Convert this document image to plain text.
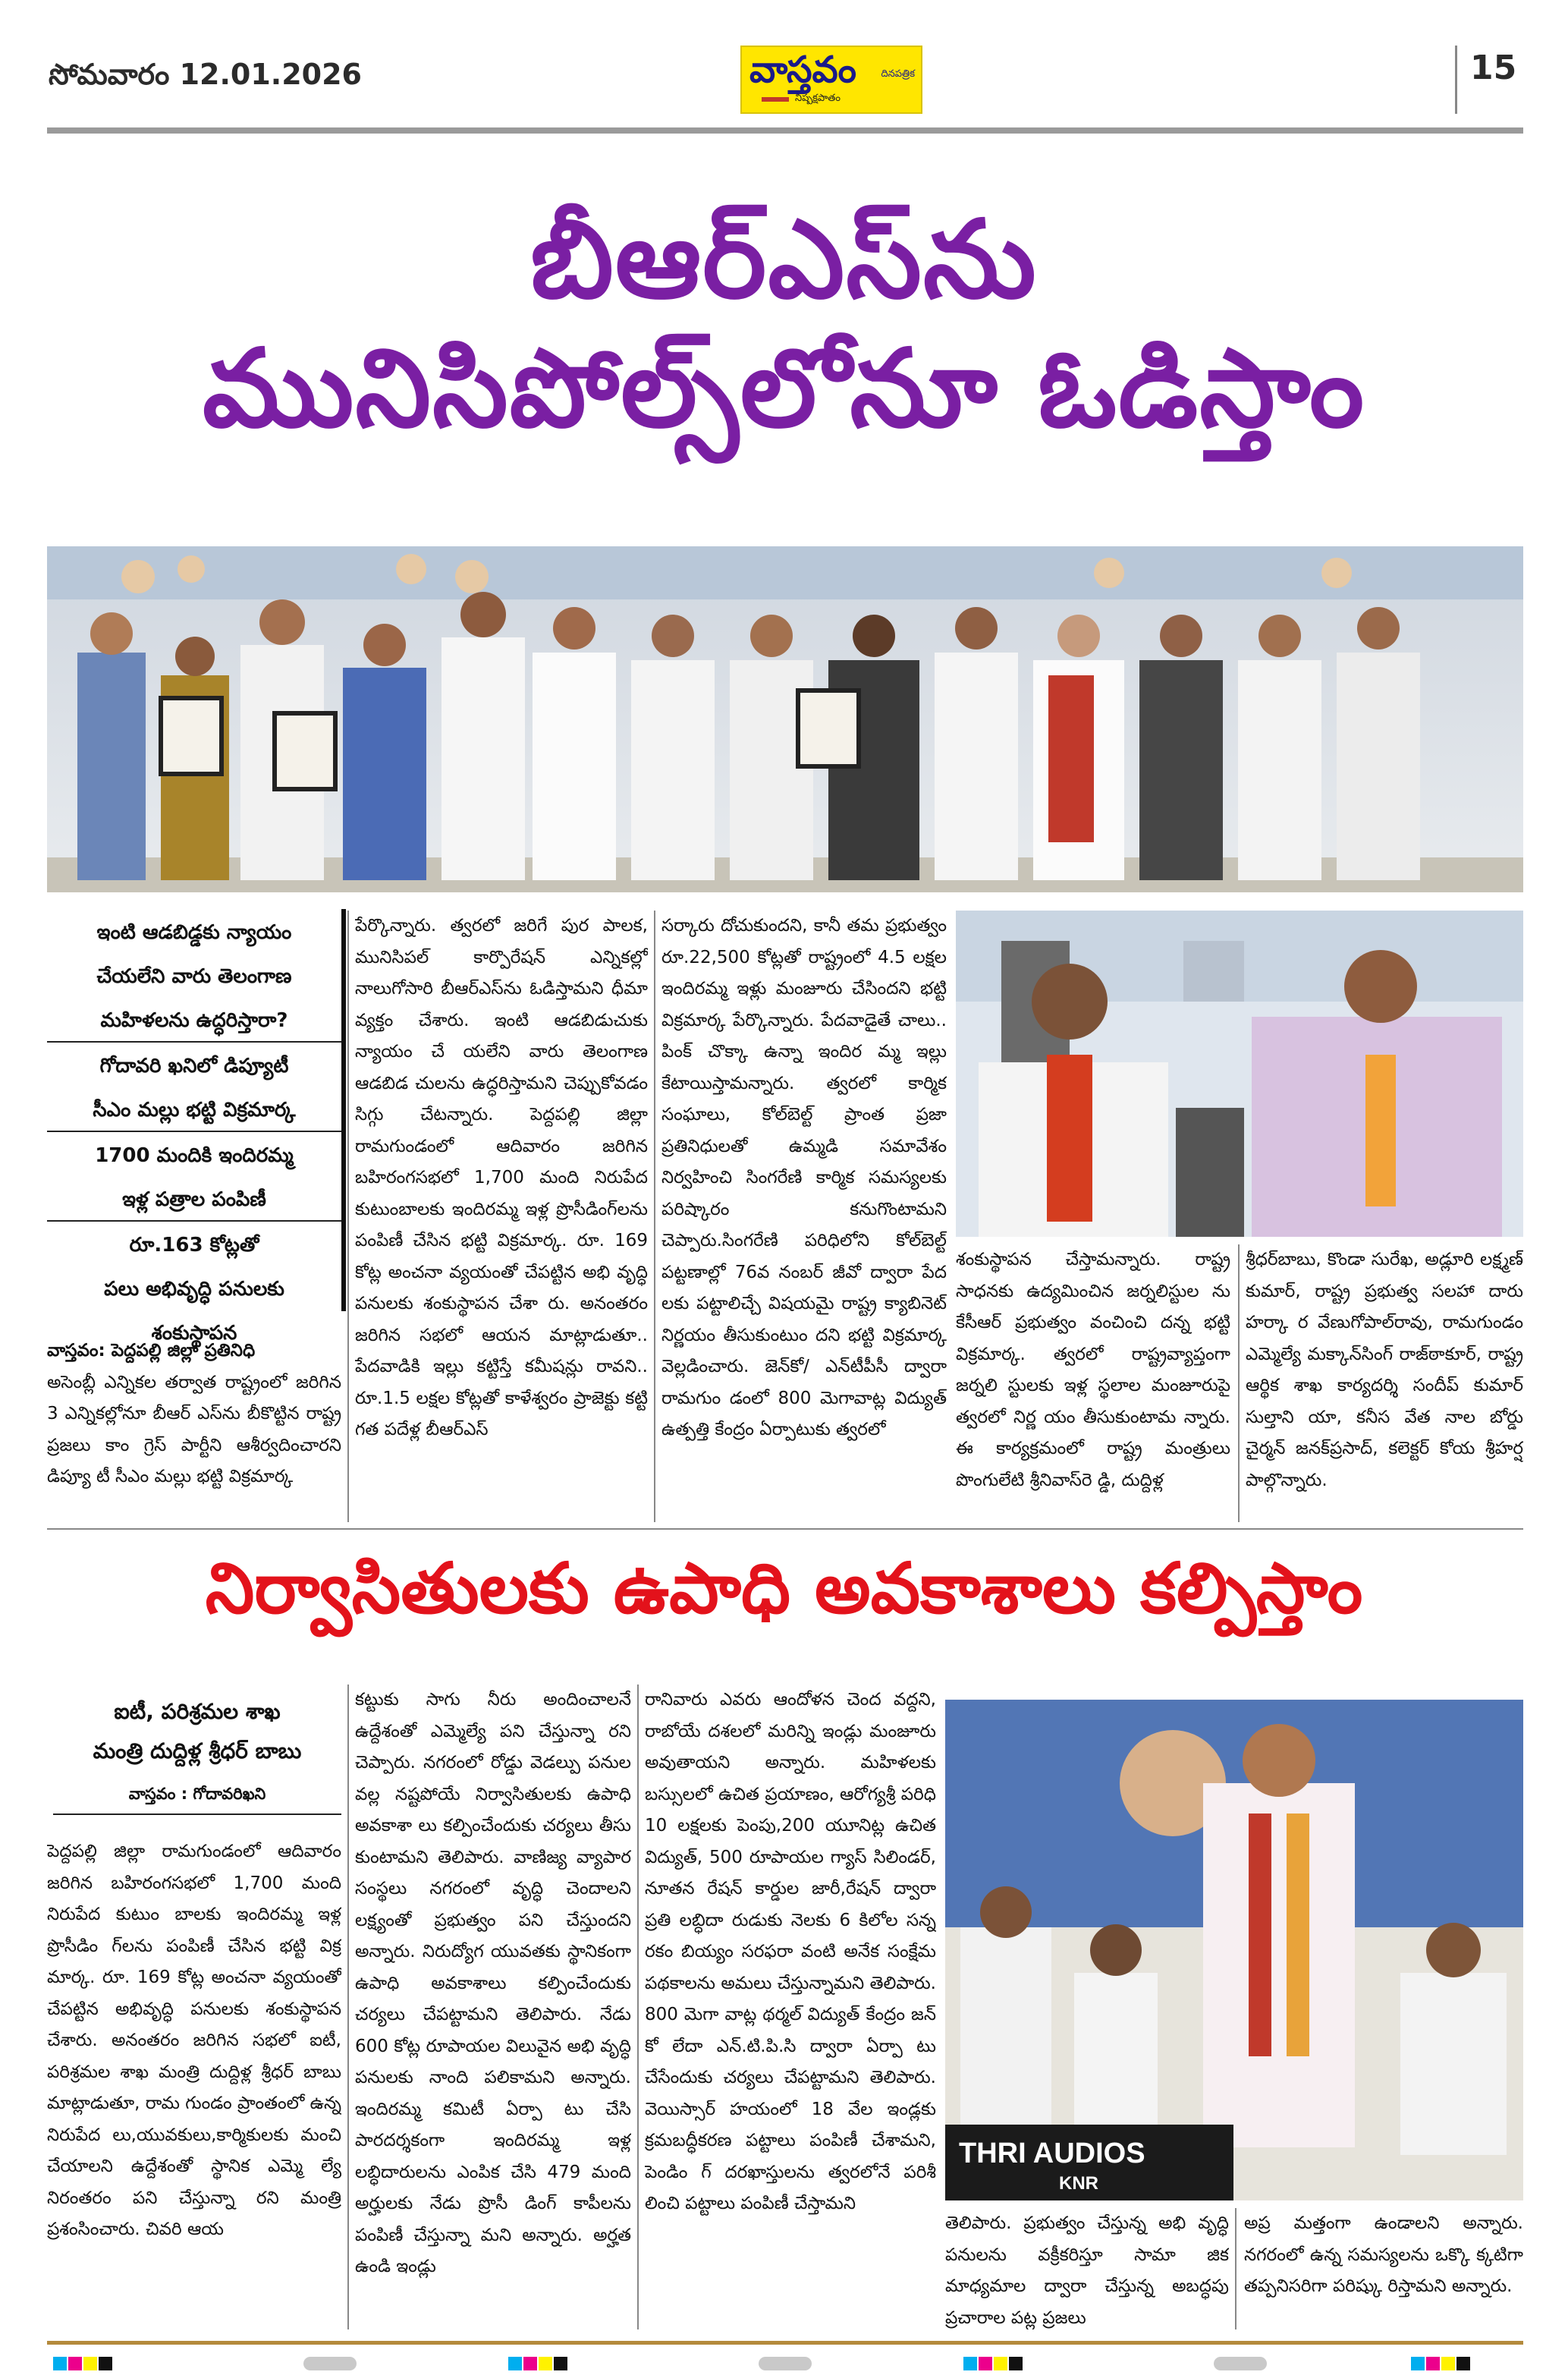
సోమవారం 12.01.2026	వాస్తవం	దినపత్రిక
నిష్పక్షపాతం
15
బీఆర్ఎస్‌ను
మునిసిపోల్స్‌లోనూ ఓడిస్తాం
ఇంటి ఆడబిడ్డకు న్యాయం
చేయలేని వారు తెలంగాణ
మహిళలను ఉద్ధరిస్తారా?
గోదావరి ఖనిలో డిప్యూటీ
సీఎం మల్లు భట్టి విక్రమార్క
1700 మందికి ఇందిరమ్మ
ఇళ్ల పత్రాల పంపిణీ
రూ.163 కోట్లతో
పలు అభివృద్ధి పనులకు
శంకుస్థాపన

వాస్తవం: పెద్దపల్లి జిల్లా ప్రతినిధి

అసెంబ్లీ ఎన్నికల తర్వాత రాష్ట్రంలో జరిగిన 3 ఎన్నికల్లోనూ బీఆర్ ఎస్‌ను బీకొట్టిన రాష్ట్ర ప్రజలు కాం గ్రెస్ పార్టీని ఆశీర్వదించారని డిప్యూ టీ సీఎం మల్లు భట్టి విక్రమార్క

పేర్కొన్నారు. త్వరలో జరిగే పుర పాలక, మునిసిపల్ కార్పొరేషన్ ఎన్నికల్లో నాలుగోసారి బీఆర్‌ఎస్‌ను ఓడిస్తామని ధీమా వ్యక్తం చేశారు. ఇంటి ఆడబిడుచుకు న్యాయం చే యలేని వారు తెలంగాణ ఆడబిడ చులను ఉద్ధరిస్తామని చెప్పుకోవడం సిగ్గు చేటన్నారు. పెద్దపల్లి జిల్లా రామగుండంలో ఆదివారం జరిగిన బహిరంగసభలో 1,700 మంది నిరుపేద కుటుంబాలకు ఇందిరమ్మ ఇళ్ల ప్రొసీడింగ్‌లను పంపిణీ చేసిన భట్టి విక్రమార్క. రూ. 169 కోట్ల అంచనా వ్యయంతో చేపట్టిన అభి వృద్ధి పనులకు శంకుస్థాపన చేశా రు. అనంతరం జరిగిన సభలో ఆయన మాట్లాడుతూ.. పేదవాడికి ఇల్లు కట్టిస్తే కమీషన్లు రావని.. రూ.1.5 లక్షల కోట్లతో కాళేశ్వరం ప్రాజెక్టు కట్టి గత పదేళ్ల బీఆర్ఎస్
సర్కారు దోచుకుందని, కానీ తమ ప్రభుత్వం రూ.22,500 కోట్లతో రాష్ట్రంలో 4.5 లక్షల ఇందిరమ్మ ఇళ్లు మంజూరు చేసిందని భట్టి విక్రమార్క పేర్కొన్నారు. పేదవాడైతే చాలు.. పింక్ చొక్కా ఉన్నా ఇందిర మ్మ ఇల్లు కేటాయిస్తామన్నారు. త్వరలో కార్మిక సంఘాలు, కోల్‌బెల్ట్ ప్రాంత ప్రజా ప్రతినిధులతో ఉమ్మడి సమావేశం నిర్వహించి సింగరేణి కార్మిక సమస్యలకు పరిష్కారం కనుగొంటామని చెప్పారు.సింగరేణి పరిధిలోని కోల్‌బెల్ట్ పట్టణాల్లో 76వ నంబర్ జీవో ద్వారా పేద లకు పట్టాలిచ్చే విషయమై రాష్ట్ర క్యాబినెట్ నిర్ణయం తీసుకుంటుం దని భట్టి విక్రమార్క వెల్లడించారు. జెన్‌కో/ ఎన్‌టీపీసీ ద్వారా రామగుం డంలో 800 మెగావాట్ల విద్యుత్ ఉత్పత్తి కేంద్రం ఏర్పాటుకు త్వరలో
శంకుస్థాపన చేస్తామన్నారు. రాష్ట్ర సాధనకు ఉద్యమించిన జర్నలిస్టుల ను కేసీఆర్ ప్రభుత్వం వంచించి దన్న భట్టి విక్రమార్క. త్వరలో రాష్ట్రవ్యాప్తంగా జర్నలి స్టులకు ఇళ్ల స్థలాల మంజూరుపై త్వరలో నిర్ణ యం తీసుకుంటామ న్నారు. ఈ కార్యక్రమంలో రాష్ట్ర మంత్రులు పొంగులేటి శ్రీనివాస్‌రె డ్డి, దుద్దిళ్ల
శ్రీధర్‌బాబు, కొండా సురేఖ, అడ్లూరి లక్ష్మణ్ కుమార్, రాష్ట్ర ప్రభుత్వ సలహా దారు హర్కా ర వేణుగోపాల్‌రావు, రామగుండం ఎమ్మెల్యే మక్కాన్‌సింగ్ రాజ్‌ఠాకూర్, రాష్ట్ర ఆర్థిక శాఖ కార్యదర్శి సందీప్ కుమార్ సుల్తాని యా, కనీస వేత నాల బోర్డు చైర్మన్ జనక్‌ప్రసాద్, కలెక్టర్ కోయ శ్రీహర్ష పాల్గొన్నారు.
నిర్వాసితులకు ఉపాధి అవకాశాలు కల్పిస్తాం
ఐటీ, పరిశ్రమల శాఖ
మంత్రి దుద్దిళ్ల శ్రీధర్ బాబు
వాస్తవం : గోదావరిఖని
పెద్దపల్లి జిల్లా రామగుండంలో ఆదివారం జరిగిన బహిరంగసభలో 1,700 మంది నిరుపేద కుటుం బాలకు ఇందిరమ్మ ఇళ్ల ప్రొసీడిం గ్‌లను పంపిణీ చేసిన భట్టి విక్ర మార్క. రూ. 169 కోట్ల అంచనా వ్యయంతో చేపట్టిన అభివృద్ధి పనులకు శంకుస్థాపన చేశారు. అనంతరం జరిగిన సభలో ఐటీ, పరిశ్రమల శాఖ మంత్రి దుద్దిళ్ల శ్రీధర్ బాబు మాట్లాడుతూ, రామ గుండం ప్రాంతంలో ఉన్న నిరుపేద లు,యువకులు,కార్మికులకు మంచి చేయాలని ఉద్దేశంతో స్థానిక ఎమ్మె ల్యే నిరంతరం పని చేస్తున్నా రని మంత్రి ప్రశంసించారు. చివరి ఆయ
కట్టుకు సాగు నీరు అందించాలనే ఉద్దేశంతో ఎమ్మెల్యే పని చేస్తున్నా రని చెప్పారు. నగరంలో రోడ్డు వెడల్పు పనుల వల్ల నష్టపోయే నిర్వాసితులకు ఉపాధి అవకాశా లు కల్పించేందుకు చర్యలు తీసు కుంటామని తెలిపారు. వాణిజ్య వ్యాపార సంస్థలు నగరంలో వృద్ధి చెందాలని లక్ష్యంతో ప్రభుత్వం పని చేస్తుందని అన్నారు. నిరుద్యోగ యువతకు స్థానికంగా ఉపాధి అవకాశాలు కల్పించేందుకు చర్యలు చేపట్టామని తెలిపారు. నేడు 600 కోట్ల రూపాయల విలువైన అభి వృద్ధి పనులకు నాంది పలికామని అన్నారు. ఇందిరమ్మ కమిటీ ఏర్పా టు చేసి పారదర్శకంగా ఇందిరమ్మ ఇళ్ల లబ్ధిదారులను ఎంపిక చేసి 479 మంది అర్హులకు నేడు ప్రొసీ డింగ్ కాపీలను పంపిణీ చేస్తున్నా మని అన్నారు. అర్హత ఉండి ఇండ్లు
రానివారు ఎవరు ఆందోళన చెంద వద్దని, రాబోయే దశలలో మరిన్ని ఇండ్లు మంజూరు అవుతాయని అన్నారు. మహిళలకు బస్సులలో ఉచిత ప్రయాణం, ఆరోగ్యశ్రీ పరిధి 10 లక్షలకు పెంపు,200 యూనిట్ల ఉచిత విద్యుత్, 500 రూపాయల గ్యాస్ సిలిండర్, నూతన రేషన్ కార్డుల జారీ,రేషన్ ద్వారా ప్రతి లబ్ధిదా రుడుకు నెలకు 6 కిలోల సన్న రకం బియ్యం సరఫరా వంటి అనేక సంక్షేమ పథకాలను అమలు చేస్తున్నామని తెలిపారు. 800 మెగా వాట్ల థర్మల్ విద్యుత్ కేంద్రం జన్ కో లేదా ఎన్.టి.పి.సి ద్వారా ఏర్పా టు చేసేందుకు చర్యలు చేపట్టామని తెలిపారు. వెయిస్సార్ హయంలో 18 వేల ఇండ్లకు క్రమబద్ధీకరణ పట్టాలు పంపిణీ చేశామని, పెండిం గ్ దరఖాస్తులను త్వరలోనే పరిశీ లించి పట్టాలు పంపిణీ చేస్తామని
THRI AUDIOS
KNR
తెలిపారు. ప్రభుత్వం చేస్తున్న అభి వృద్ధి పనులను వక్రీకరిస్తూ సామా జిక మాధ్యమాల ద్వారా చేస్తున్న అబద్ధపు ప్రచారాల పట్ల ప్రజలు
అప్ర మత్తంగా ఉండాలని అన్నారు. నగరంలో ఉన్న సమస్యలను ఒక్కొ క్కటిగా తప్పనిసరిగా పరిష్కు రిస్తామని అన్నారు.
